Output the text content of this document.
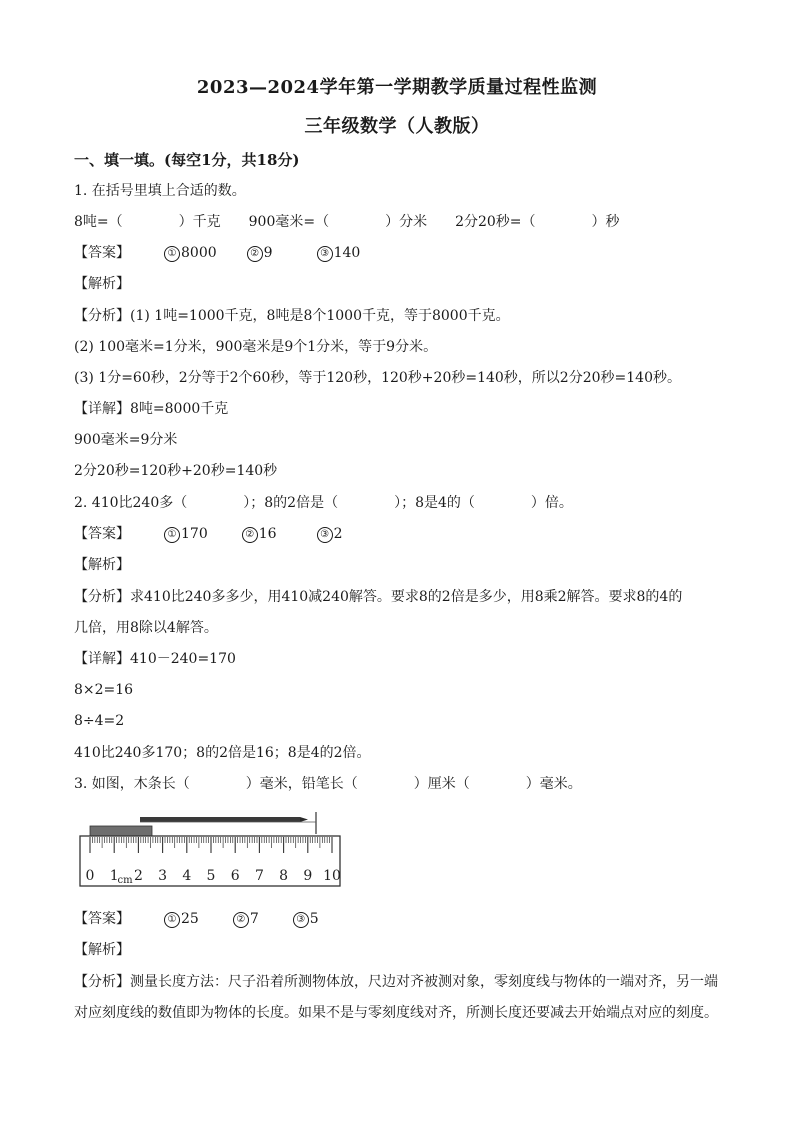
2023—2024学年第一学期教学质量过程性监测
三年级数学（人教版）
一、填一填。(每空1分，共18分)
1. 在括号里填上合适的数。
8吨=（　　　　）千克　　900毫米=（　　　　）分米　　2分20秒=（　　　　）秒
【答案】	① 8000	② 9	③ 140
【解析】
【分析】(1) 1吨=1000千克，8吨是8个1000千克，等于8000千克。
(2) 100毫米=1分米，900毫米是9个1分米，等于9分米。
(3) 1分=60秒，2分等于2个60秒，等于120秒，120秒+20秒=140秒，所以2分20秒=140秒。
【详解】8吨=8000千克
900毫米=9分米
2分20秒=120秒+20秒=140秒
2. 410比240多（　　　　）；8的2倍是（　　　　）；8是4的（　　　　）倍。
【答案】	① 170	② 16	③ 2
【解析】
【分析】求410比240多多少，用410减240解答。要求8的2倍是多少，用8乘2解答。要求8的4的
几倍，用8除以4解答。
【详解】410－240=170
8×2=16
8÷4=2
410比240多170；8的2倍是16；8是4的2倍。
3. 如图，木条长（　　　　）毫米，铅笔长（　　　　）厘米（　　　　）毫米。
0 1
cm 2 3 4 5 6 7 8 9 10
【答案】	① 25	② 7	③ 5
【解析】
【分析】测量长度方法：尺子沿着所测物体放，尺边对齐被测对象，零刻度线与物体的一端对齐，另一端
对应刻度线的数值即为物体的长度。如果不是与零刻度线对齐，所测长度还要减去开始端点对应的刻度。
